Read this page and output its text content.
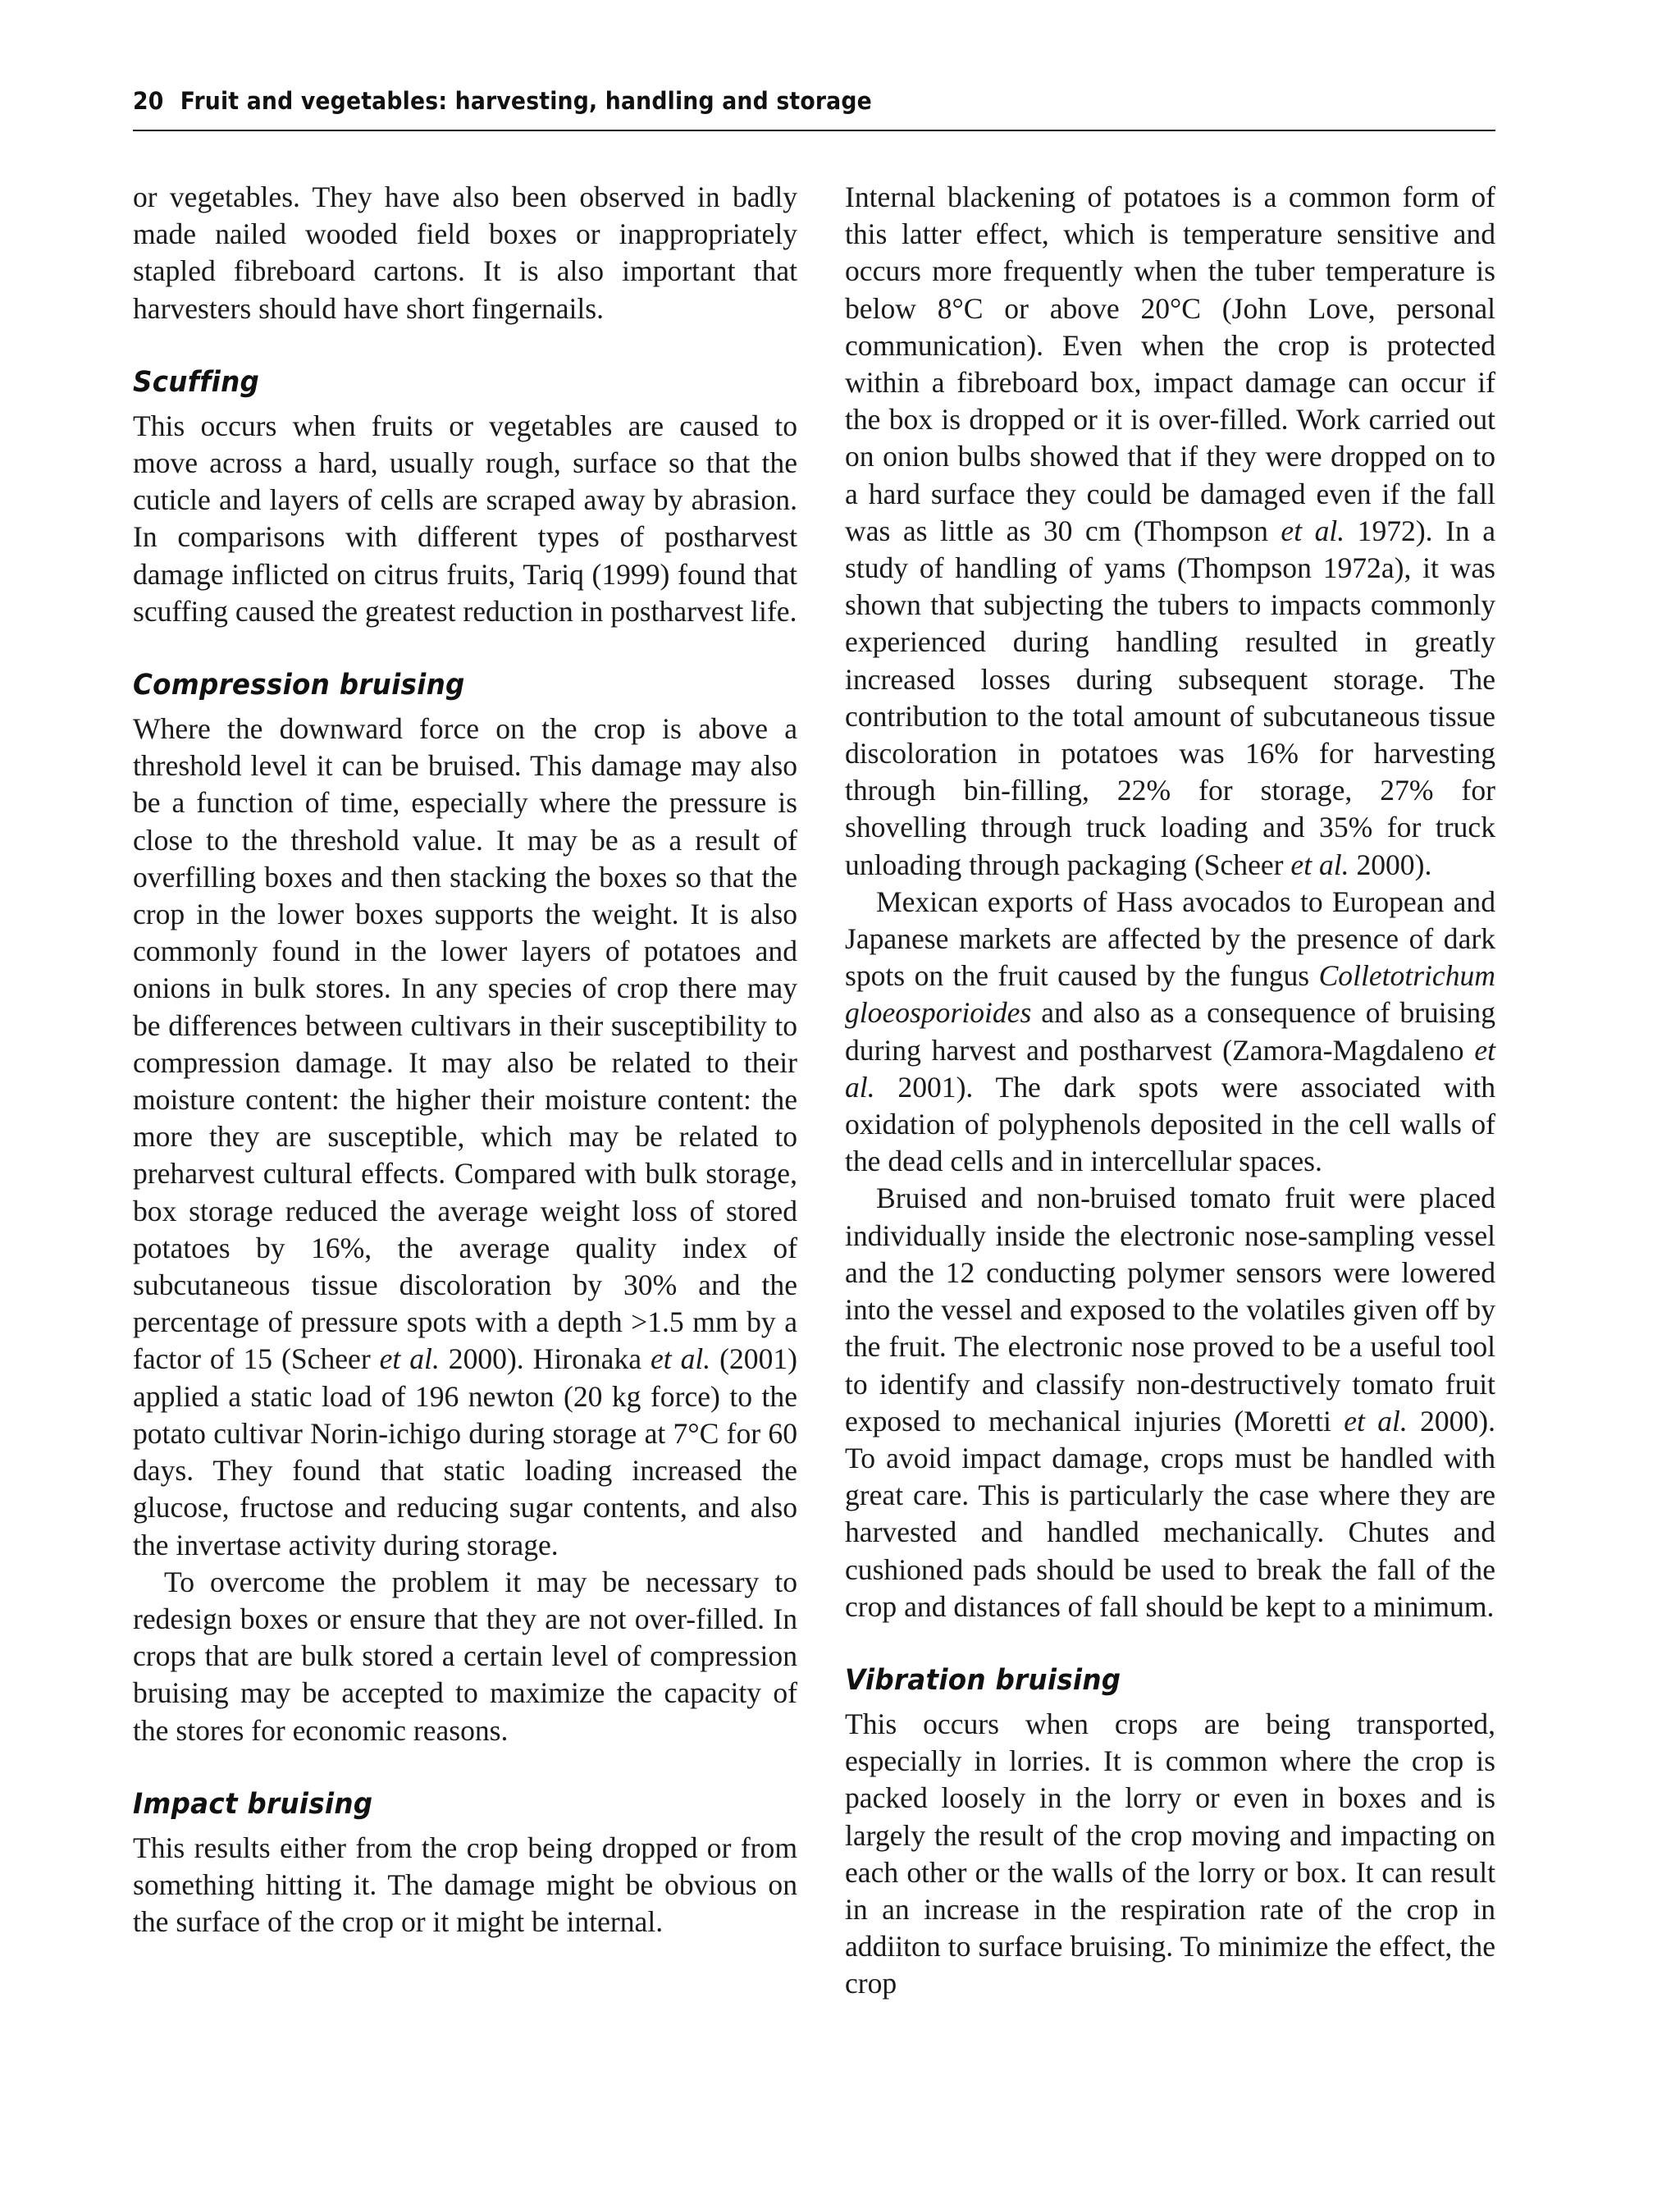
20 Fruit and vegetables: harvesting, handling and storage

or vegetables. They have also been observed in badly made nailed wooded field boxes or inappropriately stapled fibreboard cartons. It is also important that harvesters should have short fingernails.

Scuffing

This occurs when fruits or vegetables are caused to move across a hard, usually rough, surface so that the cuticle and layers of cells are scraped away by abrasion. In comparisons with different types of postharvest damage inflicted on citrus fruits, Tariq (1999) found that scuffing caused the greatest reduction in postharvest life.

Compression bruising

Where the downward force on the crop is above a threshold level it can be bruised. This damage may also be a function of time, especially where the pressure is close to the threshold value. It may be as a result of overfilling boxes and then stacking the boxes so that the crop in the lower boxes supports the weight. It is also commonly found in the lower layers of potatoes and onions in bulk stores. In any species of crop there may be differences between cultivars in their susceptibility to compression damage. It may also be related to their moisture content: the higher their moisture content: the more they are susceptible, which may be related to preharvest cultural effects. Compared with bulk storage, box storage reduced the average weight loss of stored potatoes by 16%, the average quality index of subcutaneous tissue discoloration by 30% and the percentage of pressure spots with a depth >1.5 mm by a factor of 15 (Scheer et al. 2000). Hironaka et al. (2001) applied a static load of 196 newton (20 kg force) to the potato cultivar Norin-ichigo during storage at 7°C for 60 days. They found that static loading increased the glucose, fructose and reducing sugar contents, and also the invertase activity during storage.

To overcome the problem it may be necessary to redesign boxes or ensure that they are not over-filled. In crops that are bulk stored a certain level of compression bruising may be accepted to maximize the capacity of the stores for economic reasons.

Impact bruising

This results either from the crop being dropped or from something hitting it. The damage might be obvious on the surface of the crop or it might be internal.

Internal blackening of potatoes is a common form of this latter effect, which is temperature sensitive and occurs more frequently when the tuber temperature is below 8°C or above 20°C (John Love, personal communication). Even when the crop is protected within a fibreboard box, impact damage can occur if the box is dropped or it is over-filled. Work carried out on onion bulbs showed that if they were dropped on to a hard surface they could be damaged even if the fall was as little as 30 cm (Thompson et al. 1972). In a study of handling of yams (Thompson 1972a), it was shown that subjecting the tubers to impacts commonly experienced during handling resulted in greatly increased losses during subsequent storage. The contribution to the total amount of subcutaneous tissue discoloration in potatoes was 16% for harvesting through bin-filling, 22% for storage, 27% for shovelling through truck loading and 35% for truck unloading through packaging (Scheer et al. 2000).

Mexican exports of Hass avocados to European and Japanese markets are affected by the presence of dark spots on the fruit caused by the fungus Colletotrichum gloeosporioides and also as a consequence of bruising during harvest and postharvest (Zamora-Magdaleno et al. 2001). The dark spots were associated with oxidation of polyphenols deposited in the cell walls of the dead cells and in intercellular spaces.

Bruised and non-bruised tomato fruit were placed individually inside the electronic nose-sampling vessel and the 12 conducting polymer sensors were lowered into the vessel and exposed to the volatiles given off by the fruit. The electronic nose proved to be a useful tool to identify and classify non-destructively tomato fruit exposed to mechanical injuries (Moretti et al. 2000). To avoid impact damage, crops must be handled with great care. This is particularly the case where they are harvested and handled mechanically. Chutes and cushioned pads should be used to break the fall of the crop and distances of fall should be kept to a minimum.

Vibration bruising

This occurs when crops are being transported, especially in lorries. It is common where the crop is packed loosely in the lorry or even in boxes and is largely the result of the crop moving and impacting on each other or the walls of the lorry or box. It can result in an increase in the respiration rate of the crop in addiiton to surface bruising. To minimize the effect, the crop
